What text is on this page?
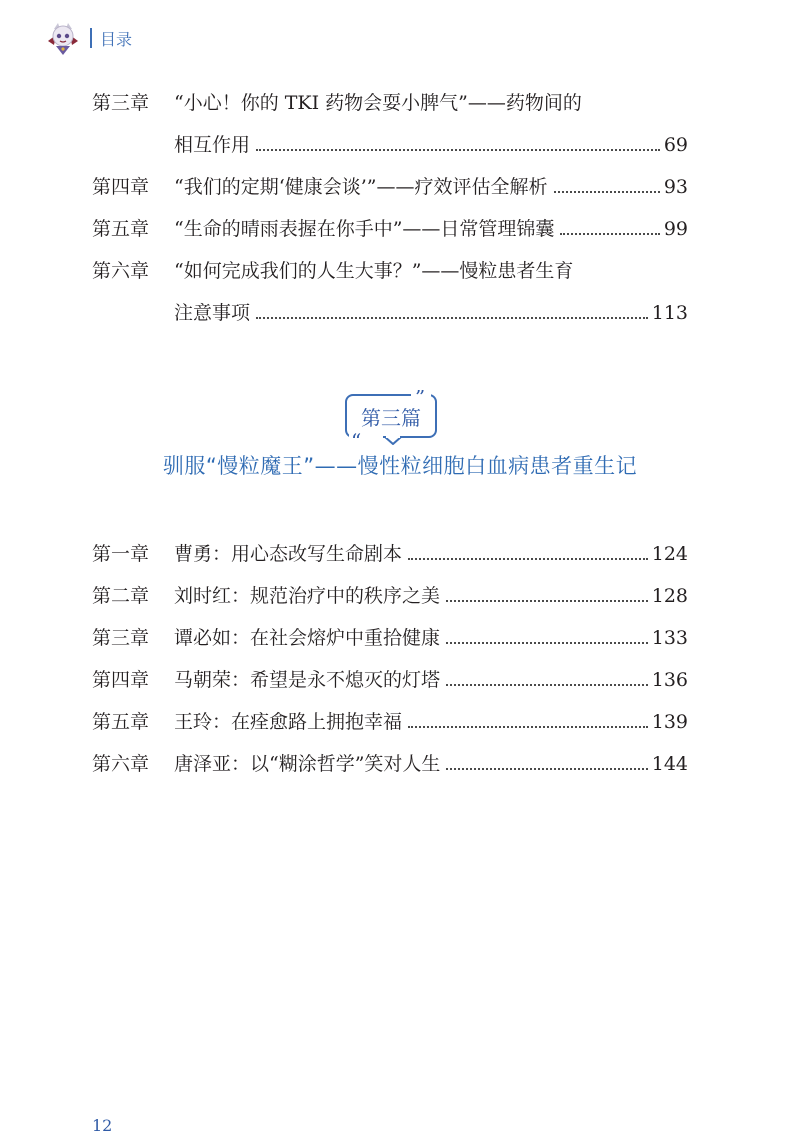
目录
第三章	“小心！你的 TKI 药物会耍小脾气”——药物间的
相互作用	69
第四章	“我们的定期‘健康会谈’”——疗效评估全解析	93
第五章	“生命的晴雨表握在你手中”——日常管理锦囊	99
第六章	“如何完成我们的人生大事？”——慢粒患者生育
注意事项	113
第三篇
”
“
驯服“慢粒魔王”——慢性粒细胞白血病患者重生记
第一章	曹勇：用心态改写生命剧本	124
第二章	刘时红：规范治疗中的秩序之美	128
第三章	谭必如：在社会熔炉中重拾健康	133
第四章	马朝荣：希望是永不熄灭的灯塔	136
第五章	王玲：在痊愈路上拥抱幸福	139
第六章	唐泽亚：以“糊涂哲学”笑对人生	144
12
